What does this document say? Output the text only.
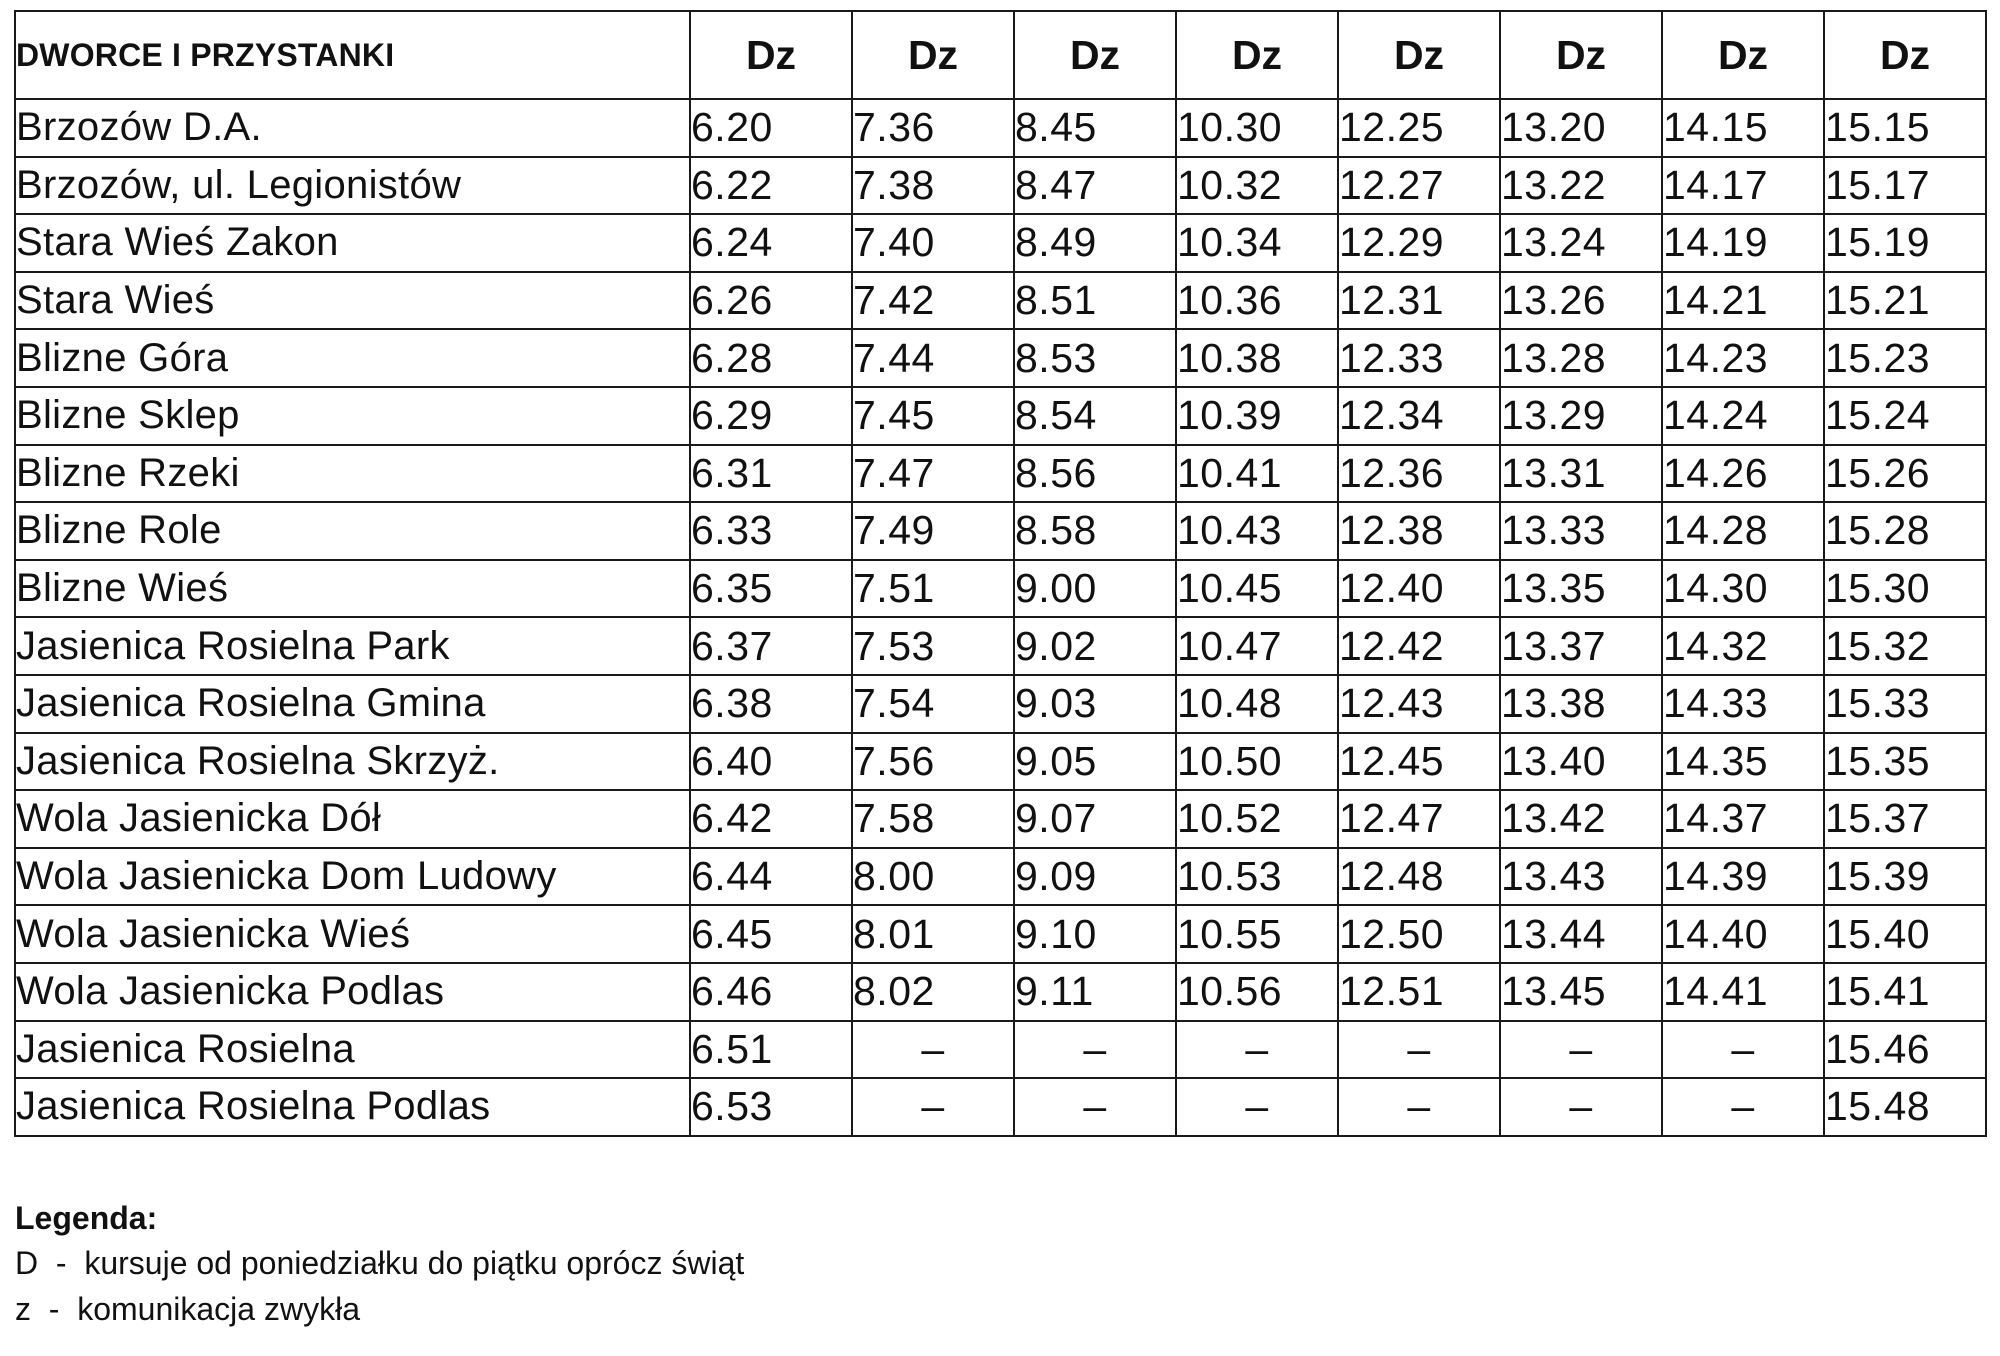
DWORCE I PRZYSTANKI	Dz	Dz	Dz	Dz	Dz	Dz	Dz	Dz
Brzozów D.A.	6.20	7.36	8.45	10.30	12.25	13.20	14.15	15.15
Brzozów, ul. Legionistów	6.22	7.38	8.47	10.32	12.27	13.22	14.17	15.17
Stara Wieś Zakon	6.24	7.40	8.49	10.34	12.29	13.24	14.19	15.19
Stara Wieś	6.26	7.42	8.51	10.36	12.31	13.26	14.21	15.21
Blizne Góra	6.28	7.44	8.53	10.38	12.33	13.28	14.23	15.23
Blizne Sklep	6.29	7.45	8.54	10.39	12.34	13.29	14.24	15.24
Blizne Rzeki	6.31	7.47	8.56	10.41	12.36	13.31	14.26	15.26
Blizne Role	6.33	7.49	8.58	10.43	12.38	13.33	14.28	15.28
Blizne Wieś	6.35	7.51	9.00	10.45	12.40	13.35	14.30	15.30
Jasienica Rosielna Park	6.37	7.53	9.02	10.47	12.42	13.37	14.32	15.32
Jasienica Rosielna Gmina	6.38	7.54	9.03	10.48	12.43	13.38	14.33	15.33
Jasienica Rosielna Skrzyż.	6.40	7.56	9.05	10.50	12.45	13.40	14.35	15.35
Wola Jasienicka Dół	6.42	7.58	9.07	10.52	12.47	13.42	14.37	15.37
Wola Jasienicka Dom Ludowy	6.44	8.00	9.09	10.53	12.48	13.43	14.39	15.39
Wola Jasienicka Wieś	6.45	8.01	9.10	10.55	12.50	13.44	14.40	15.40
Wola Jasienicka Podlas	6.46	8.02	9.11	10.56	12.51	13.45	14.41	15.41
Jasienica Rosielna	6.51	–	–	–	–	–	–	15.46
Jasienica Rosielna Podlas	6.53	–	–	–	–	–	–	15.48
Legenda:
D - kursuje od poniedziałku do piątku oprócz świąt
z - komunikacja zwykła
